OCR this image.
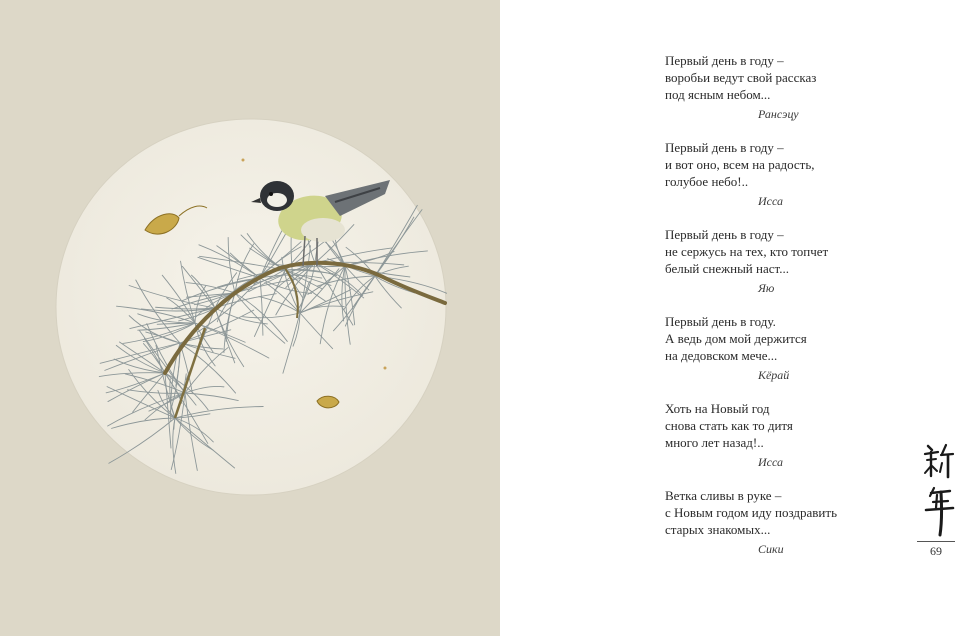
Первый день в году –
воробьи ведут свой рассказ
под ясным небом...
Рансэцу
Первый день в году –
и вот оно, всем на радость,
голубое небо!..
Исса
Первый день в году –
не сержусь на тех, кто топчет
белый снежный наст...
Яю
Первый день в году.
А ведь дом мой держится
на дедовском мече...
Кёрай
Хоть на Новый год
снова стать как то дитя
много лет назад!..
Исса
Ветка сливы в руке –
с Новым годом иду поздравить
старых знакомых...
Сики	69
